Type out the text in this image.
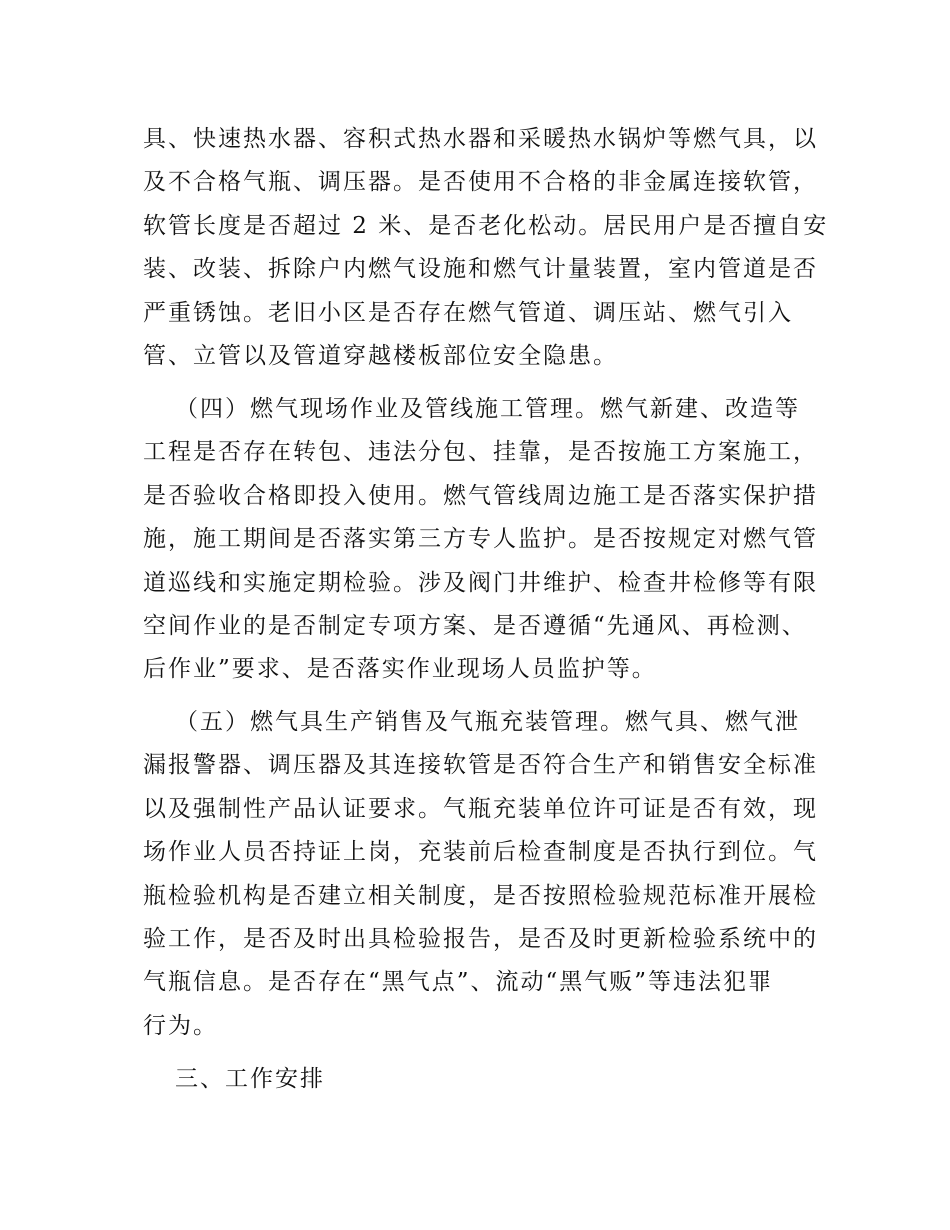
具、快速热水器、容积式热水器和采暖热水锅炉等燃气具，以
及不合格气瓶、调压器。是否使用不合格的非金属连接软管，
软管长度是否超过 2 米、是否老化松动。居民用户是否擅自安
装、改装、拆除户内燃气设施和燃气计量装置，室内管道是否
严重锈蚀。老旧小区是否存在燃气管道、调压站、燃气引入
管、立管以及管道穿越楼板部位安全隐患。
（四）燃气现场作业及管线施工管理。燃气新建、改造等
工程是否存在转包、违法分包、挂靠，是否按施工方案施工，
是否验收合格即投入使用。燃气管线周边施工是否落实保护措
施，施工期间是否落实第三方专人监护。是否按规定对燃气管
道巡线和实施定期检验。涉及阀门井维护、检查井检修等有限
空间作业的是否制定专项方案、是否遵循“先通风、再检测、
后作业”要求、是否落实作业现场人员监护等。
（五）燃气具生产销售及气瓶充装管理。燃气具、燃气泄
漏报警器、调压器及其连接软管是否符合生产和销售安全标准
以及强制性产品认证要求。气瓶充装单位许可证是否有效，现
场作业人员否持证上岗，充装前后检查制度是否执行到位。气
瓶检验机构是否建立相关制度，是否按照检验规范标准开展检
验工作，是否及时出具检验报告，是否及时更新检验系统中的
气瓶信息。是否存在“黑气点”、流动“黑气贩”等违法犯罪
行为。
三、工作安排
